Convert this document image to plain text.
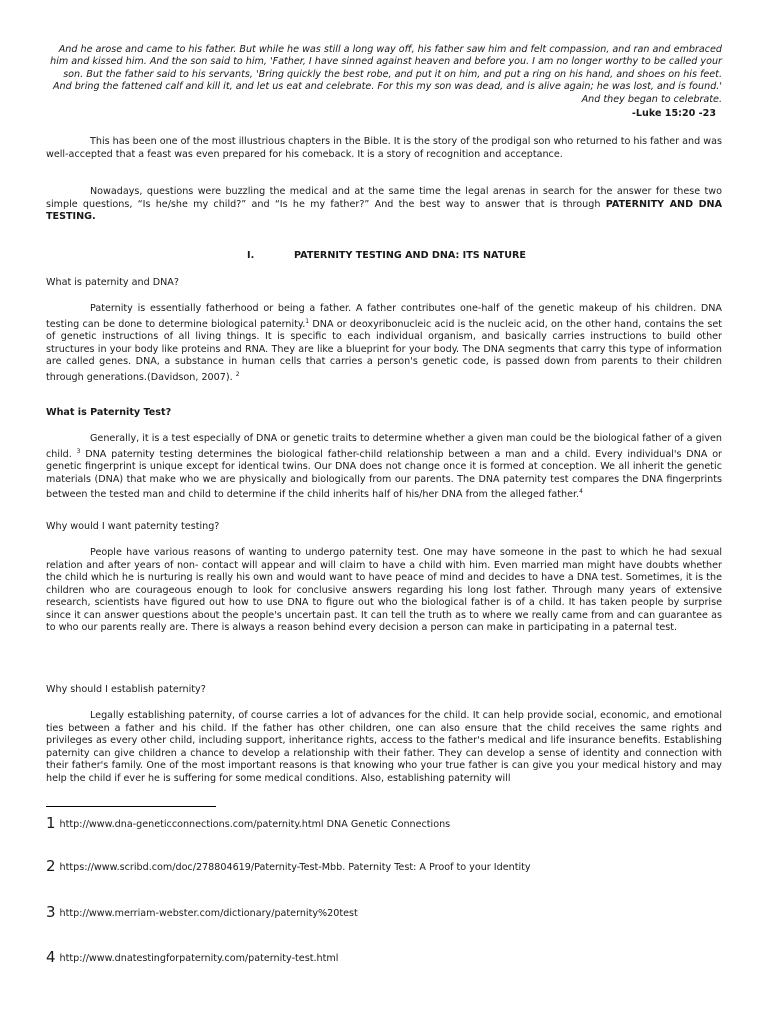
And he arose and came to his father. But while he was still a long way off, his father saw him and felt compassion, and ran and embraced him and kissed him. And the son said to him, 'Father, I have sinned against heaven and before you. I am no longer worthy to be called your son. But the father said to his servants, 'Bring quickly the best robe, and put it on him, and put a ring on his hand, and shoes on his feet. And bring the fattened calf and kill it, and let us eat and celebrate. For this my son was dead, and is alive again; he was lost, and is found.' And they began to celebrate.
-Luke 15:20 -23
This has been one of the most illustrious chapters in the Bible. It is the story of the prodigal son who returned to his father and was well-accepted that a feast was even prepared for his comeback. It is a story of recognition and acceptance.
Nowadays, questions were buzzling the medical and at the same time the legal arenas in search for the answer for these two simple questions, “Is he/she my child?” and “Is he my father?” And the best way to answer that is through PATERNITY AND DNA TESTING.
I.	PATERNITY TESTING AND DNA: ITS NATURE
What is paternity and DNA?
Paternity is essentially fatherhood or being a father. A father contributes one-half of the genetic makeup of his children. DNA testing can be done to determine biological paternity.$^1$ DNA or deoxyribonucleic acid is the nucleic acid, on the other hand, contains the set of genetic instructions of all living things. It is specific to each individual organism, and basically carries instructions to build other structures in your body like proteins and RNA. They are like a blueprint for your body. The DNA segments that carry this type of information are called genes. DNA, a substance in human cells that carries a person's genetic code, is passed down from parents to their children through generations.(Davidson, 2007). $^2$
What is Paternity Test?
Generally, it is a test especially of DNA or genetic traits to determine whether a given man could be the biological father of a given child. $^3$ DNA paternity testing determines the biological father-child relationship between a man and a child. Every individual's DNA or genetic fingerprint is unique except for identical twins. Our DNA does not change once it is formed at conception. We all inherit the genetic materials (DNA) that make who we are physically and biologically from our parents. The DNA paternity test compares the DNA fingerprints between the tested man and child to determine if the child inherits half of his/her DNA from the alleged father.$^4$
Why would I want paternity testing?
People have various reasons of wanting to undergo paternity test. One may have someone in the past to which he had sexual relation and after years of non- contact will appear and will claim to have a child with him. Even married man might have doubts whether the child which he is nurturing is really his own and would want to have peace of mind and decides to have a DNA test. Sometimes, it is the children who are courageous enough to look for conclusive answers regarding his long lost father. Through many years of extensive research, scientists have figured out how to use DNA to figure out who the biological father is of a child. It has taken people by surprise since it can answer questions about the people's uncertain past. It can tell the truth as to where we really came from and can guarantee as to who our parents really are. There is always a reason behind every decision a person can make in participating in a paternal test.
Why should I establish paternity?
Legally establishing paternity, of course carries a lot of advances for the child. It can help provide social, economic, and emotional ties between a father and his child. If the father has other children, one can also ensure that the child receives the same rights and privileges as every other child, including support, inheritance rights, access to the father's medical and life insurance benefits. Establishing paternity can give children a chance to develop a relationship with their father. They can develop a sense of identity and connection with their father's family. One of the most important reasons is that knowing who your true father is can give you your medical history and may help the child if ever he is suffering for some medical conditions. Also, establishing paternity will
1 http://www.dna-geneticconnections.com/paternity.html DNA Genetic Connections
2 https://www.scribd.com/doc/278804619/Paternity-Test-Mbb. Paternity Test: A Proof to your Identity
3 http://www.merriam-webster.com/dictionary/paternity%20test
4 http://www.dnatestingforpaternity.com/paternity-test.html
